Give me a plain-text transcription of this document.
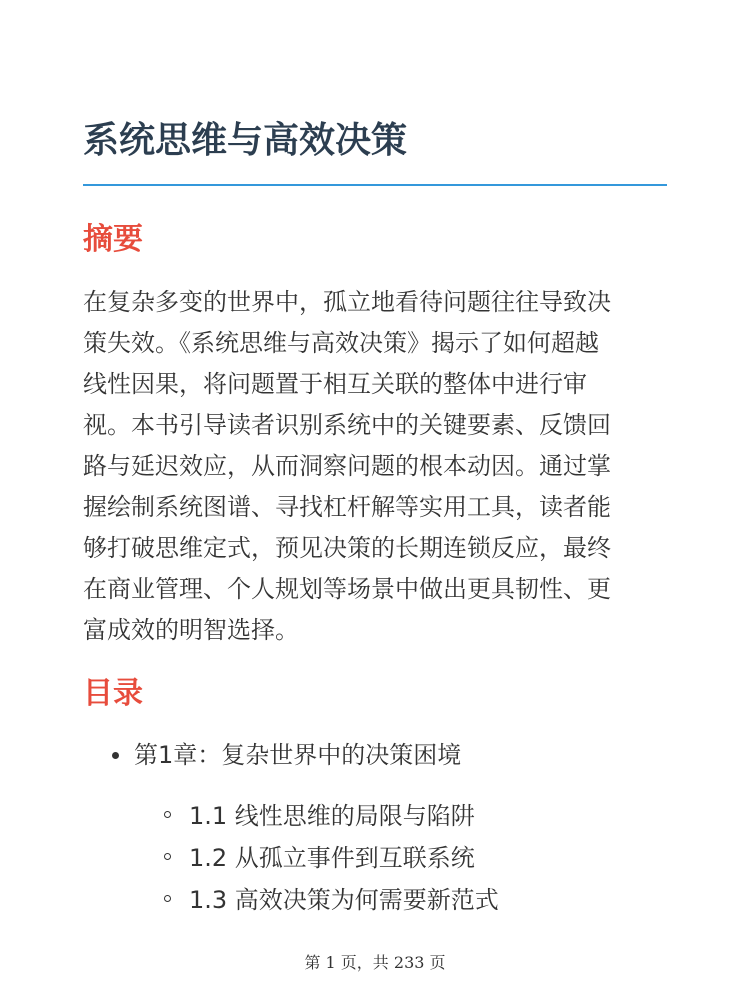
系统思维与高效决策
摘要

在复杂多变的世界中，孤立地看待问题往往导致决
策失效。《系统思维与高效决策》揭示了如何超越
线性因果，将问题置于相互关联的整体中进行审
视。本书引导读者识别系统中的关键要素、反馈回
路与延迟效应，从而洞察问题的根本动因。通过掌
握绘制系统图谱、寻找杠杆解等实用工具，读者能
够打破思维定式，预见决策的长期连锁反应，最终
在商业管理、个人规划等场景中做出更具韧性、更
富成效的明智选择。

目录
第1章：复杂世界中的决策困境
1.1 线性思维的局限与陷阱
1.2 从孤立事件到互联系统
1.3 高效决策为何需要新范式
第 1 页，共 233 页
